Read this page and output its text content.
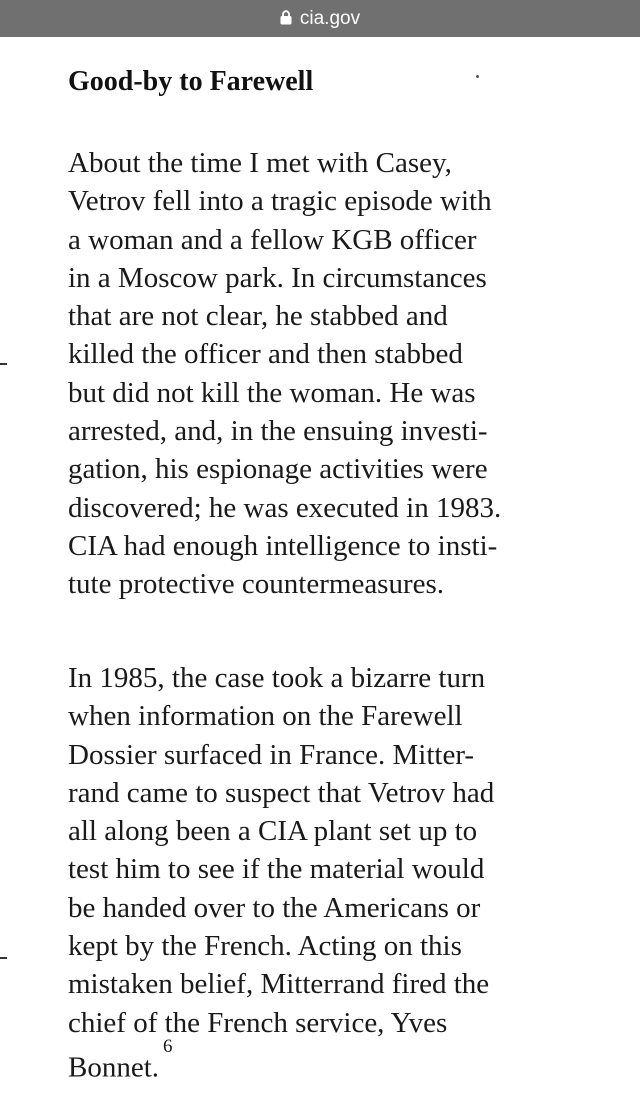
cia.gov
Good-by to Farewell

About the time I met with Casey,
Vetrov fell into a tragic episode with
a woman and a fellow KGB officer
in a Moscow park. In circumstances
that are not clear, he stabbed and
killed the officer and then stabbed
but did not kill the woman. He was
arrested, and, in the ensuing investi-
gation, his espionage activities were
discovered; he was executed in 1983.
CIA had enough intelligence to insti-
tute protective countermeasures.

In 1985, the case took a bizarre turn
when information on the Farewell
Dossier surfaced in France. Mitter-
rand came to suspect that Vetrov had
all along been a CIA plant set up to
test him to see if the material would
be handed over to the Americans or
kept by the French. Acting on this
mistaken belief, Mitterrand fired the
chief of the French service, Yves
Bonnet.$^6$
